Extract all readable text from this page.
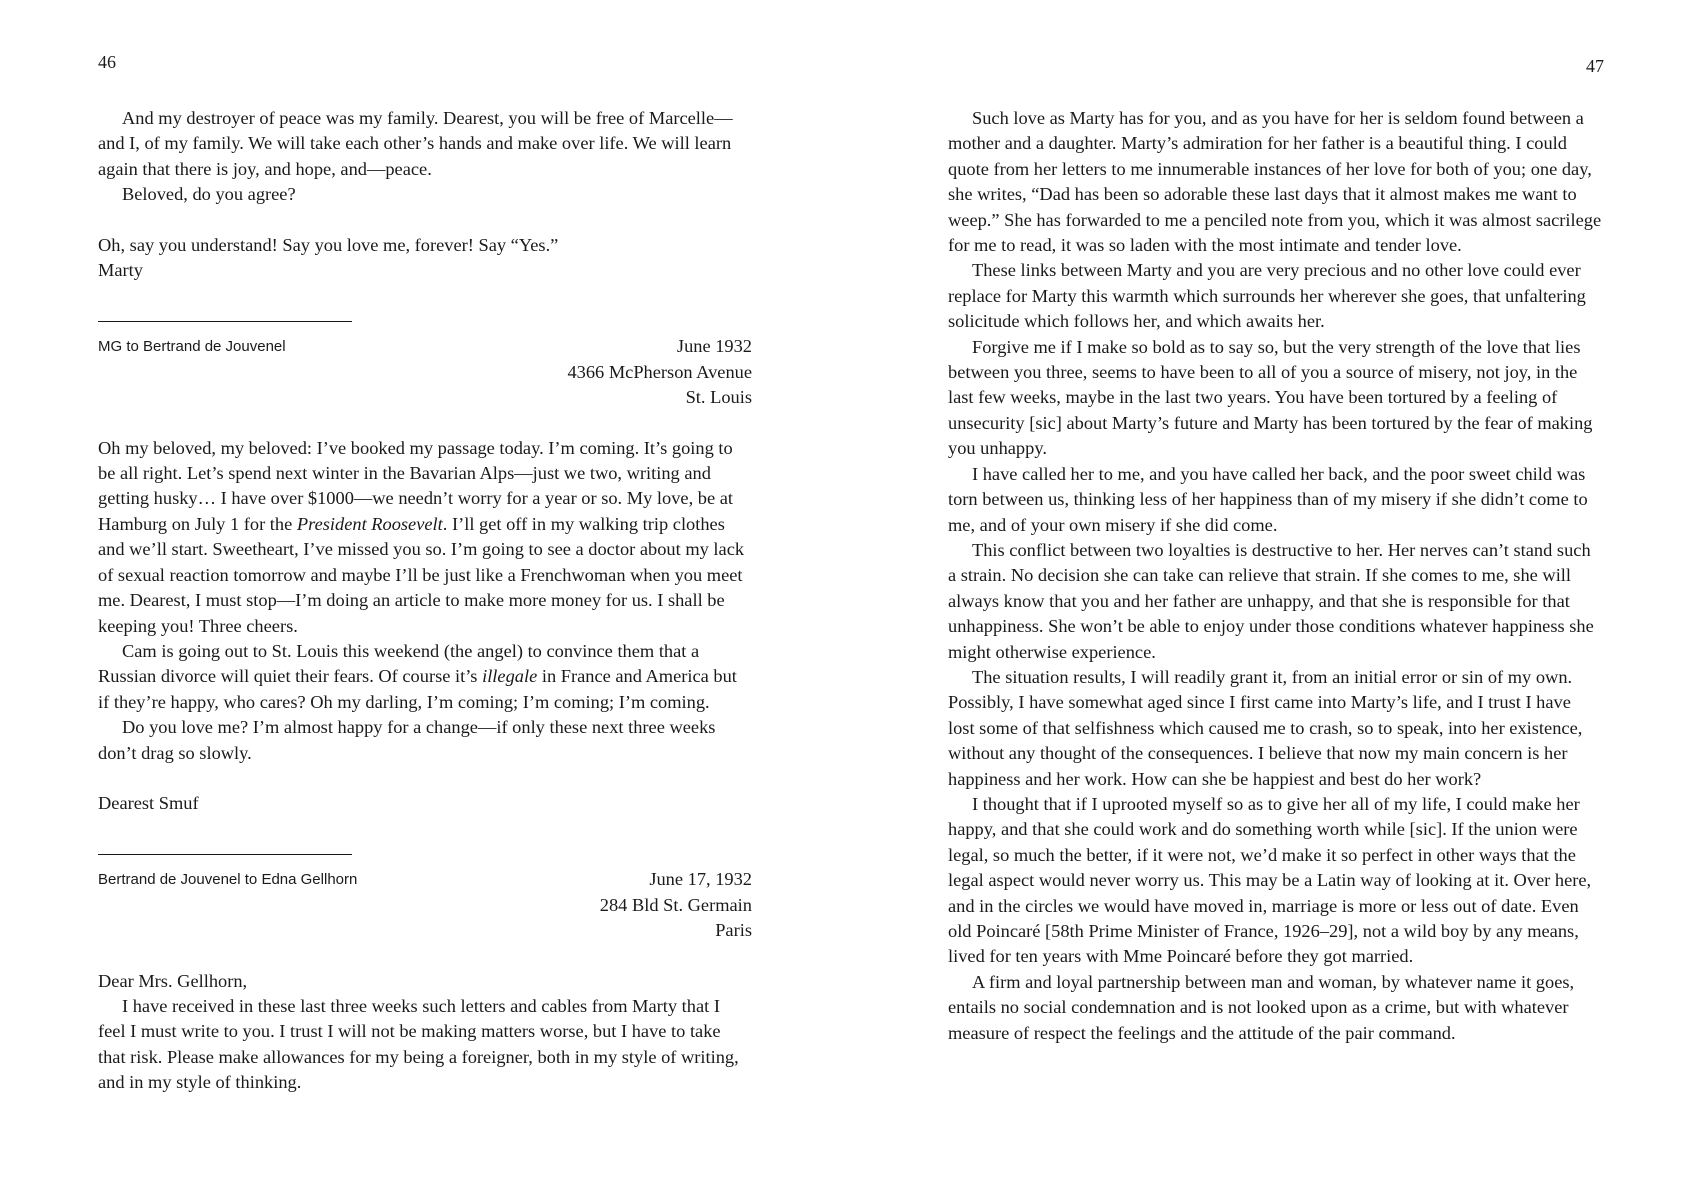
46

And my destroyer of peace was my family. Dearest, you will be free of Marcelle—and I, of my family. We will take each other’s hands and make over life. We will learn again that there is joy, and hope, and—peace.

Beloved, do you agree?

Oh, say you understand! Say you love me, forever! Say “Yes.”

Marty

MG to Bertrand de Jouvenel	June 1932
4366 McPherson Avenue
St. Louis

Oh my beloved, my beloved: I’ve booked my passage today. I’m coming. It’s going to be all right. Let’s spend next winter in the Bavarian Alps—just we two, writing and getting husky… I have over $1000—we needn’t worry for a year or so. My love, be at Hamburg on July 1 for the President Roosevelt. I’ll get off in my walking trip clothes and we’ll start. Sweetheart, I’ve missed you so. I’m going to see a doctor about my lack of sexual reaction tomorrow and maybe I’ll be just like a Frenchwoman when you meet me. Dearest, I must stop—I’m doing an article to make more money for us. I shall be keeping you! Three cheers.

Cam is going out to St. Louis this weekend (the angel) to convince them that a Russian divorce will quiet their fears. Of course it’s illegale in France and America but if they’re happy, who cares? Oh my darling, I’m coming; I’m coming; I’m coming.

Do you love me? I’m almost happy for a change—if only these next three weeks don’t drag so slowly.

Dearest Smuf

Bertrand de Jouvenel to Edna Gellhorn	June 17, 1932
284 Bld St. Germain
Paris

Dear Mrs. Gellhorn,

I have received in these last three weeks such letters and cables from Marty that I feel I must write to you. I trust I will not be making matters worse, but I have to take that risk. Please make allowances for my being a foreigner, both in my style of writing, and in my style of thinking.

47

Such love as Marty has for you, and as you have for her is seldom found between a mother and a daughter. Marty’s admiration for her father is a beautiful thing. I could quote from her letters to me innumerable instances of her love for both of you; one day, she writes, “Dad has been so adorable these last days that it almost makes me want to weep.” She has forwarded to me a penciled note from you, which it was almost sacrilege for me to read, it was so laden with the most intimate and tender love.

These links between Marty and you are very precious and no other love could ever replace for Marty this warmth which surrounds her wherever she goes, that unfaltering solicitude which follows her, and which awaits her.

Forgive me if I make so bold as to say so, but the very strength of the love that lies between you three, seems to have been to all of you a source of misery, not joy, in the last few weeks, maybe in the last two years. You have been tortured by a feeling of unsecurity [sic] about Marty’s future and Marty has been tortured by the fear of making you unhappy.

I have called her to me, and you have called her back, and the poor sweet child was torn between us, thinking less of her happiness than of my misery if she didn’t come to me, and of your own misery if she did come.

This conflict between two loyalties is destructive to her. Her nerves can’t stand such a strain. No decision she can take can relieve that strain. If she comes to me, she will always know that you and her father are unhappy, and that she is responsible for that unhappiness. She won’t be able to enjoy under those conditions whatever happiness she might otherwise experience.

The situation results, I will readily grant it, from an initial error or sin of my own. Possibly, I have somewhat aged since I first came into Marty’s life, and I trust I have lost some of that selfishness which caused me to crash, so to speak, into her existence, without any thought of the consequences. I believe that now my main concern is her happiness and her work. How can she be happiest and best do her work?

I thought that if I uprooted myself so as to give her all of my life, I could make her happy, and that she could work and do something worth while [sic]. If the union were legal, so much the better, if it were not, we’d make it so perfect in other ways that the legal aspect would never worry us. This may be a Latin way of looking at it. Over here, and in the circles we would have moved in, marriage is more or less out of date. Even old Poincaré [58th Prime Minister of France, 1926–29], not a wild boy by any means, lived for ten years with Mme Poincaré before they got married.

A firm and loyal partnership between man and woman, by whatever name it goes, entails no social condemnation and is not looked upon as a crime, but with whatever measure of respect the feelings and the attitude of the pair command.
